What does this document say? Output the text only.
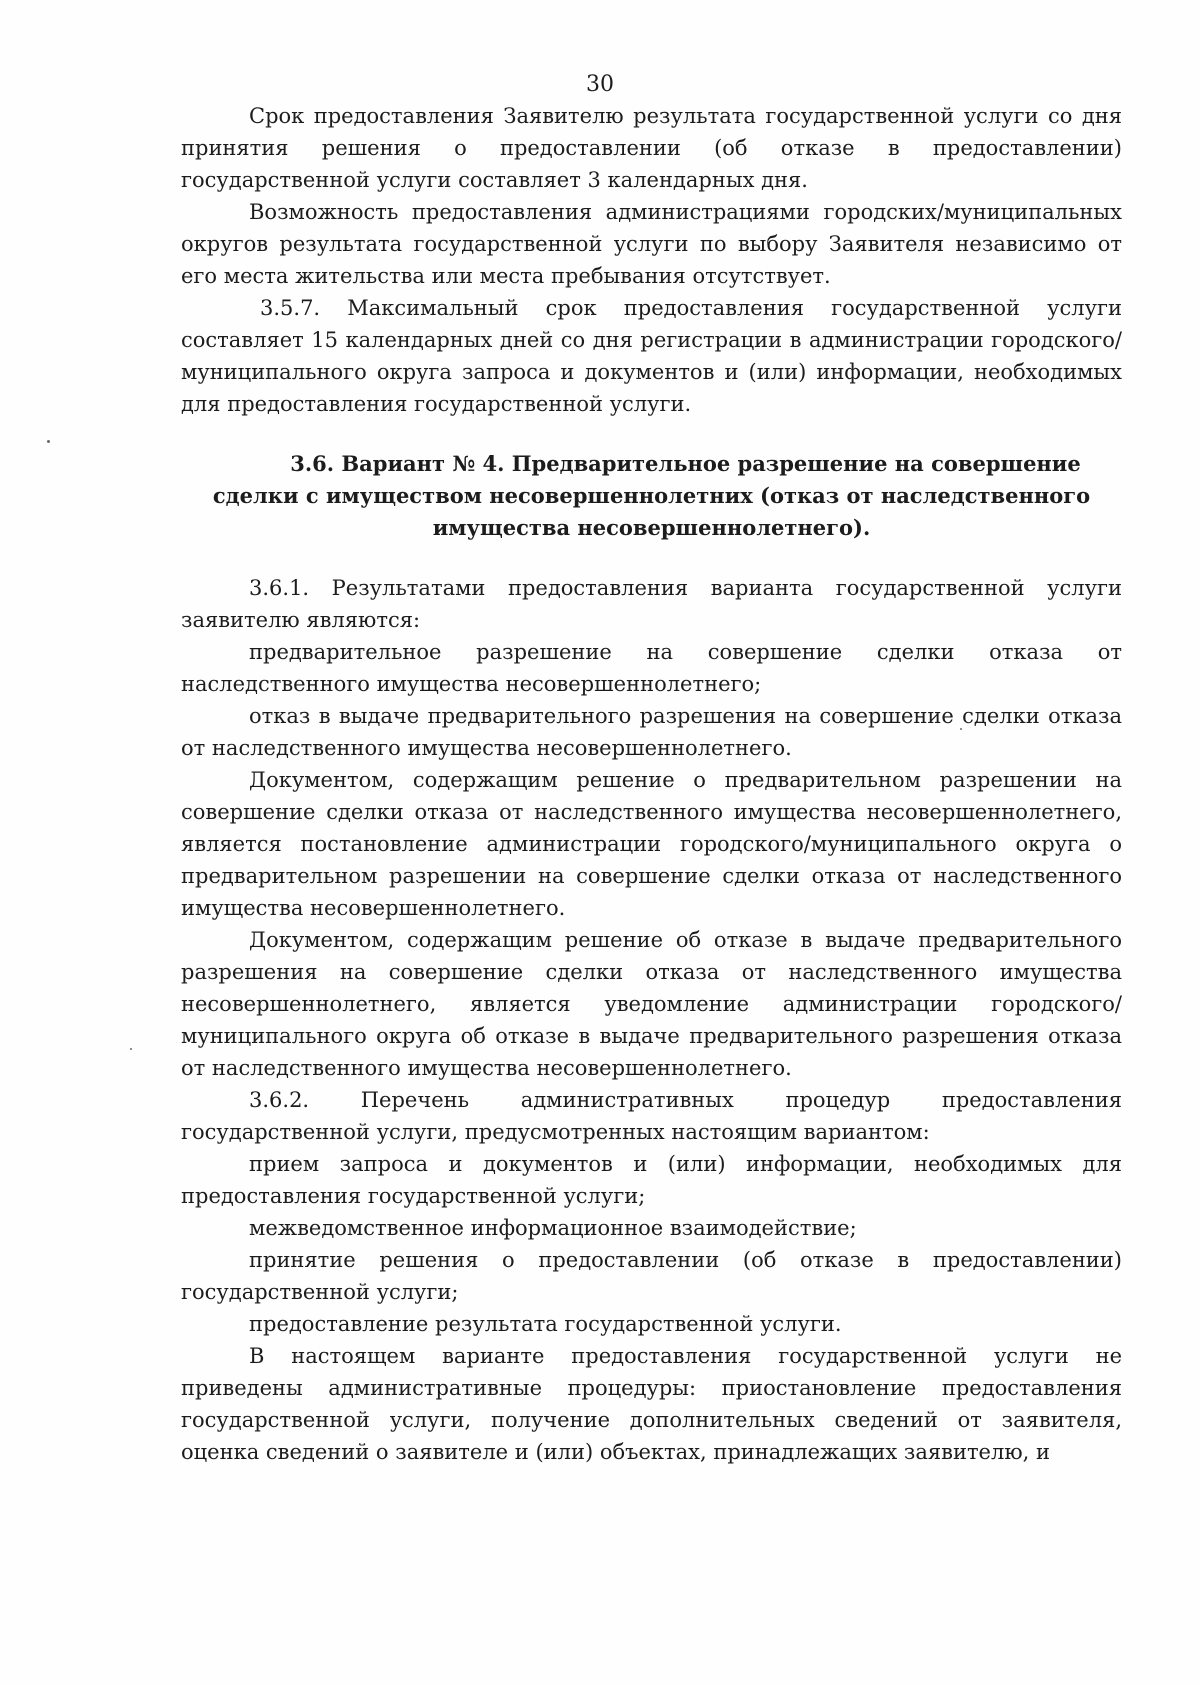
30

Срок предоставления Заявителю результата государственной услуги со дня принятия решения о предоставлении (об отказе в предоставлении) государственной услуги составляет 3 календарных дня.

Возможность предоставления администрациями городских/муниципальных округов результата государственной услуги по выбору Заявителя независимо от его места жительства или места пребывания отсутствует.

3.5.7. Максимальный срок предоставления государственной услуги составляет 15 календарных дней со дня регистрации в администрации городского/муниципального округа запроса и документов и (или) информации, необходимых для предоставления государственной услуги.

3.6. Вариант № 4. Предварительное разрешение на совершение сделки с имуществом несовершеннолетних (отказ от наследственного имущества несовершеннолетнего).

3.6.1. Результатами предоставления варианта государственной услуги заявителю являются:

предварительное разрешение на совершение сделки отказа от наследственного имущества несовершеннолетнего;

отказ в выдаче предварительного разрешения на совершение сделки отказа от наследственного имущества несовершеннолетнего.

Документом, содержащим решение о предварительном разрешении на совершение сделки отказа от наследственного имущества несовершеннолетнего, является постановление администрации городского/муниципального округа о предварительном разрешении на совершение сделки отказа от наследственного имущества несовершеннолетнего.

Документом, содержащим решение об отказе в выдаче предварительного разрешения на совершение сделки отказа от наследственного имущества несовершеннолетнего, является уведомление администрации городского/муниципального округа об отказе в выдаче предварительного разрешения отказа от наследственного имущества несовершеннолетнего.

3.6.2. Перечень административных процедур предоставления государственной услуги, предусмотренных настоящим вариантом:

прием запроса и документов и (или) информации, необходимых для предоставления государственной услуги;

межведомственное информационное взаимодействие;

принятие решения о предоставлении (об отказе в предоставлении) государственной услуги;

предоставление результата государственной услуги.

В настоящем варианте предоставления государственной услуги не приведены административные процедуры: приостановление предоставления государственной услуги, получение дополнительных сведений от заявителя, оценка сведений о заявителе и (или) объектах, принадлежащих заявителю, и
